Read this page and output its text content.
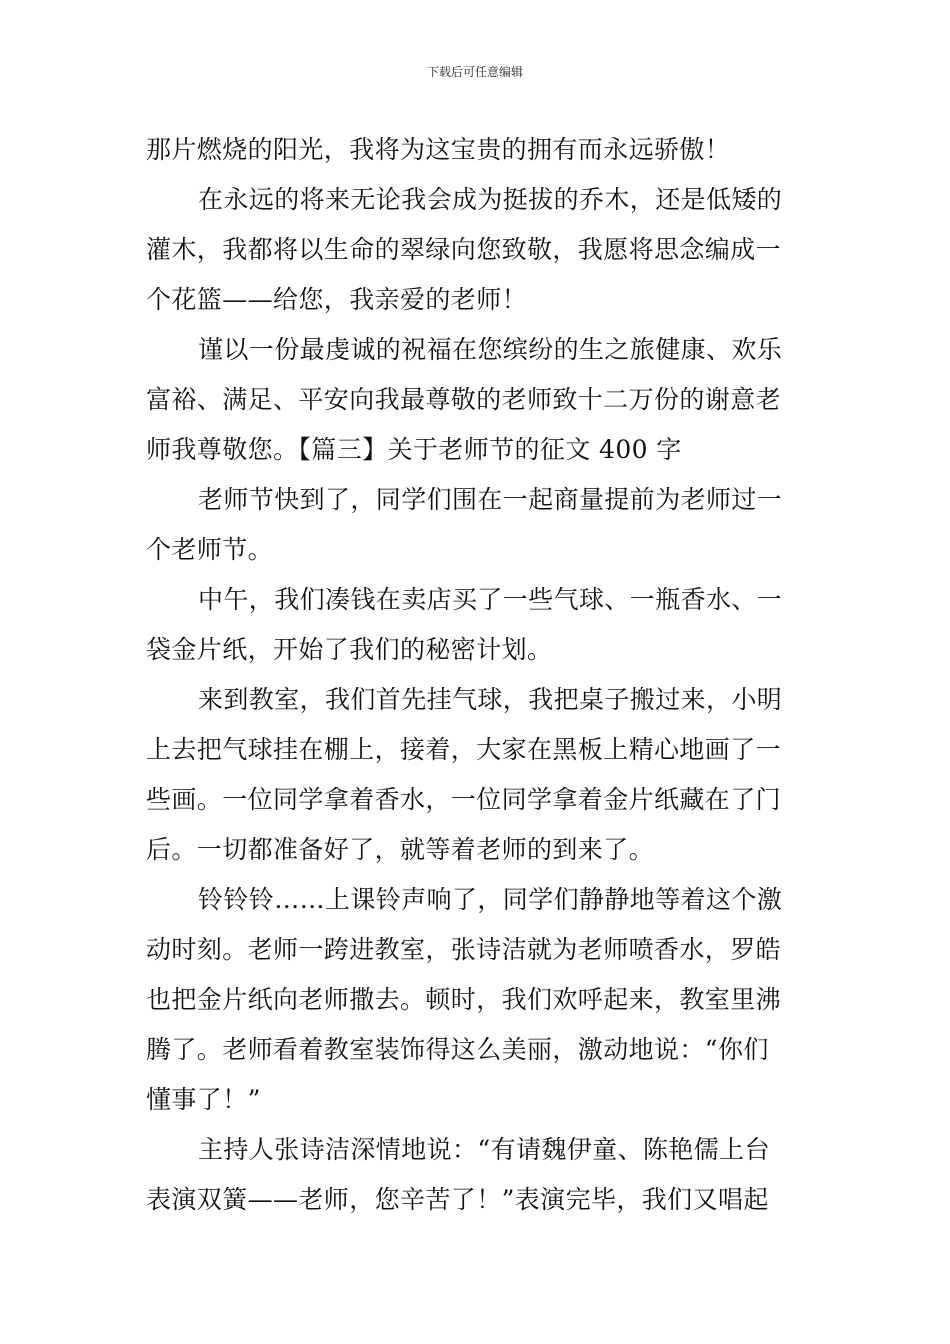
下载后可任意编辑
那片燃烧的阳光，我将为这宝贵的拥有而永远骄傲！
在永远的将来无论我会成为挺拔的乔木，还是低矮的
灌木，我都将以生命的翠绿向您致敬，我愿将思念编成一
个花篮——给您，我亲爱的老师！
谨以一份最虔诚的祝福在您缤纷的生之旅健康、欢乐
富裕、满足、平安向我最尊敬的老师致十二万份的谢意老
师我尊敬您。【篇三】关于老师节的征文 400 字
老师节快到了，同学们围在一起商量提前为老师过一
个老师节。
中午，我们凑钱在卖店买了一些气球、一瓶香水、一
袋金片纸，开始了我们的秘密计划。
来到教室，我们首先挂气球，我把桌子搬过来，小明
上去把气球挂在棚上，接着，大家在黑板上精心地画了一
些画。一位同学拿着香水，一位同学拿着金片纸藏在了门
后。一切都准备好了，就等着老师的到来了。
铃铃铃……上课铃声响了，同学们静静地等着这个激
动时刻。老师一跨进教室，张诗洁就为老师喷香水，罗皓
也把金片纸向老师撒去。顿时，我们欢呼起来，教室里沸
腾了。老师看着教室装饰得这么美丽，激动地说：“你们
懂事了！”
主持人张诗洁深情地说：“有请魏伊童、陈艳儒上台
表演双簧——老师，您辛苦了！”表演完毕，我们又唱起
